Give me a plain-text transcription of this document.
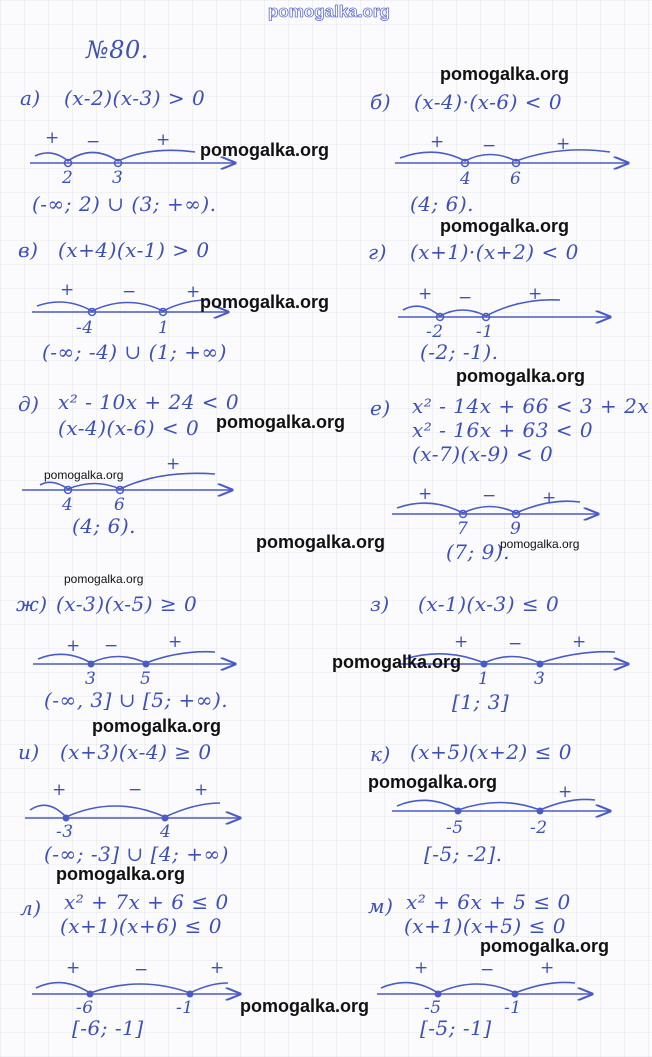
pomogalka.org
№80.
а) (x-2)(x-3) > 0
+ −	+
2 3
(-∞; 2) ∪ (3; +∞).
б) (x-4)·(x-6) < 0
+ −	+
4 6
(4; 6).
в) (x+4)(x-1) > 0
+	−	+
-4	1
(-∞; -4) ∪ (1; +∞)
г) (x+1)·(x+2) < 0
+ −	+
-2 -1
(-2; -1).
д) x² - 10x + 24 < 0
(x-4)(x-6) < 0
+
4 6
(4; 6).
е) x² - 14x + 66 < 3 + 2x
x² - 16x + 63 < 0
(x-7)(x-9) < 0
+	−	+
7 9
(7; 9).
ж) (x-3)(x-5) ≥ 0
+ −	+
3	5
(-∞, 3] ∪ [5; +∞).
з) (x-1)(x-3) ≤ 0
+ −	+
1	3
[1; 3]
и) (x+3)(x-4) ≥ 0
+	−	+
-3	4
(-∞; -3] ∪ [4; +∞)
к) (x+5)(x+2) ≤ 0
+
-5	-2
[-5; -2].
л) x² + 7x + 6 ≤ 0
(x+1)(x+6) ≤ 0
+	−	+
-6	-1
[-6; -1]
м) x² + 6x + 5 ≤ 0
(x+1)(x+5) ≤ 0
+	−	+
-5	-1
[-5; -1]
pomogalka.org
pomogalka.org
pomogalka.org
pomogalka.org
pomogalka.org
pomogalka.org
pomogalka.org
pomogalka.org	pomogalka.org
pomogalka.org
pomogalka.org
pomogalka.org
pomogalka.org
pomogalka.org
pomogalka.org
pomogalka.org
